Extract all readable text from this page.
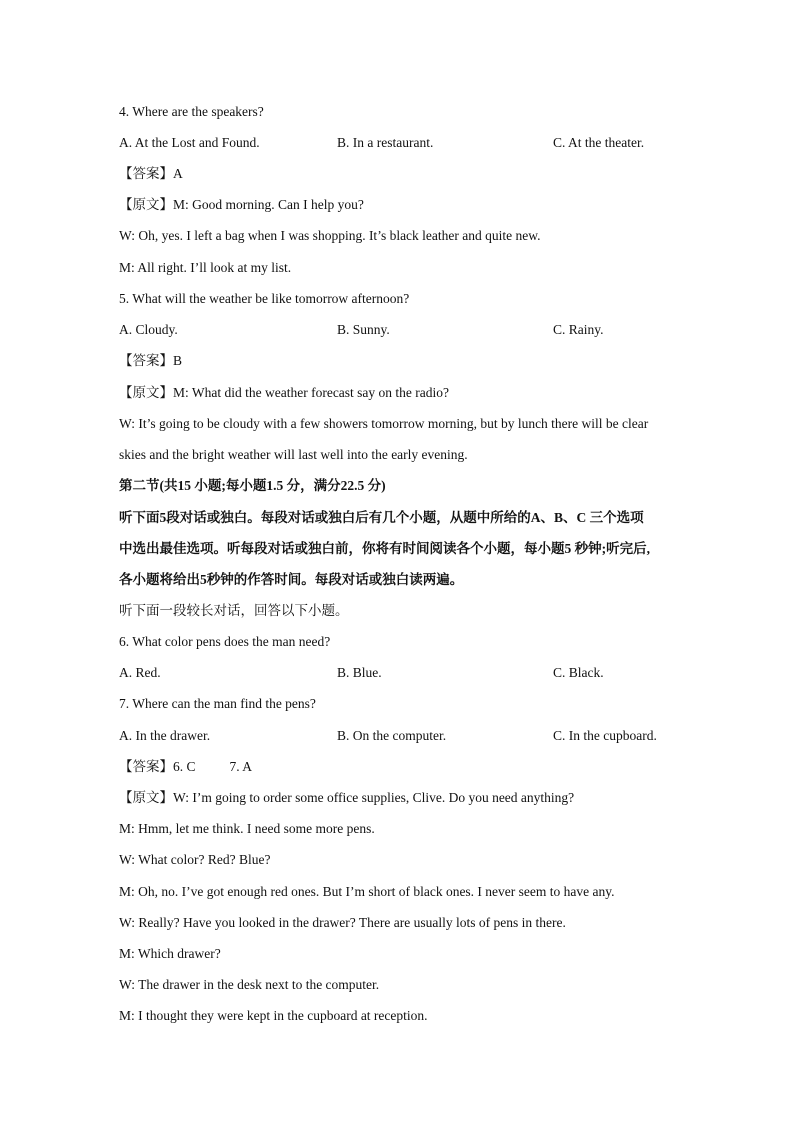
4. Where are the speakers?
A. At the Lost and Found.	B. In a restaurant.	C. At the theater.
【答案】A
【原文】M: Good morning. Can I help you?
W: Oh, yes. I left a bag when I was shopping. It’s black leather and quite new.
M: All right. I’ll look at my list.
5. What will the weather be like tomorrow afternoon?
A. Cloudy.	B. Sunny.	C. Rainy.
【答案】B
【原文】M: What did the weather forecast say on the radio?
W: It’s going to be cloudy with a few showers tomorrow morning, but by lunch there will be clear
skies and the bright weather will last well into the early evening.
第二节(共15 小题;每小题1.5 分，满分22.5 分)
听下面5段对话或独白。每段对话或独白后有几个小题，从题中所给的A、B、C 三个选项
中选出最佳选项。听每段对话或独白前，你将有时间阅读各个小题，每小题5 秒钟;听完后,
各小题将给出5秒钟的作答时间。每段对话或独白读两遍。
听下面一段较长对话，回答以下小题。
6. What color pens does the man need?
A. Red.	B. Blue.	C. Black.
7. Where can the man find the pens?
A. In the drawer.	B. On the computer.	C. In the cupboard.
【答案】6. C	7. A
【原文】W: I’m going to order some office supplies, Clive. Do you need anything?
M: Hmm, let me think. I need some more pens.
W: What color? Red? Blue?
M: Oh, no. I’ve got enough red ones. But I’m short of black ones. I never seem to have any.
W: Really? Have you looked in the drawer? There are usually lots of pens in there.
M: Which drawer?
W: The drawer in the desk next to the computer.
M: I thought they were kept in the cupboard at reception.
